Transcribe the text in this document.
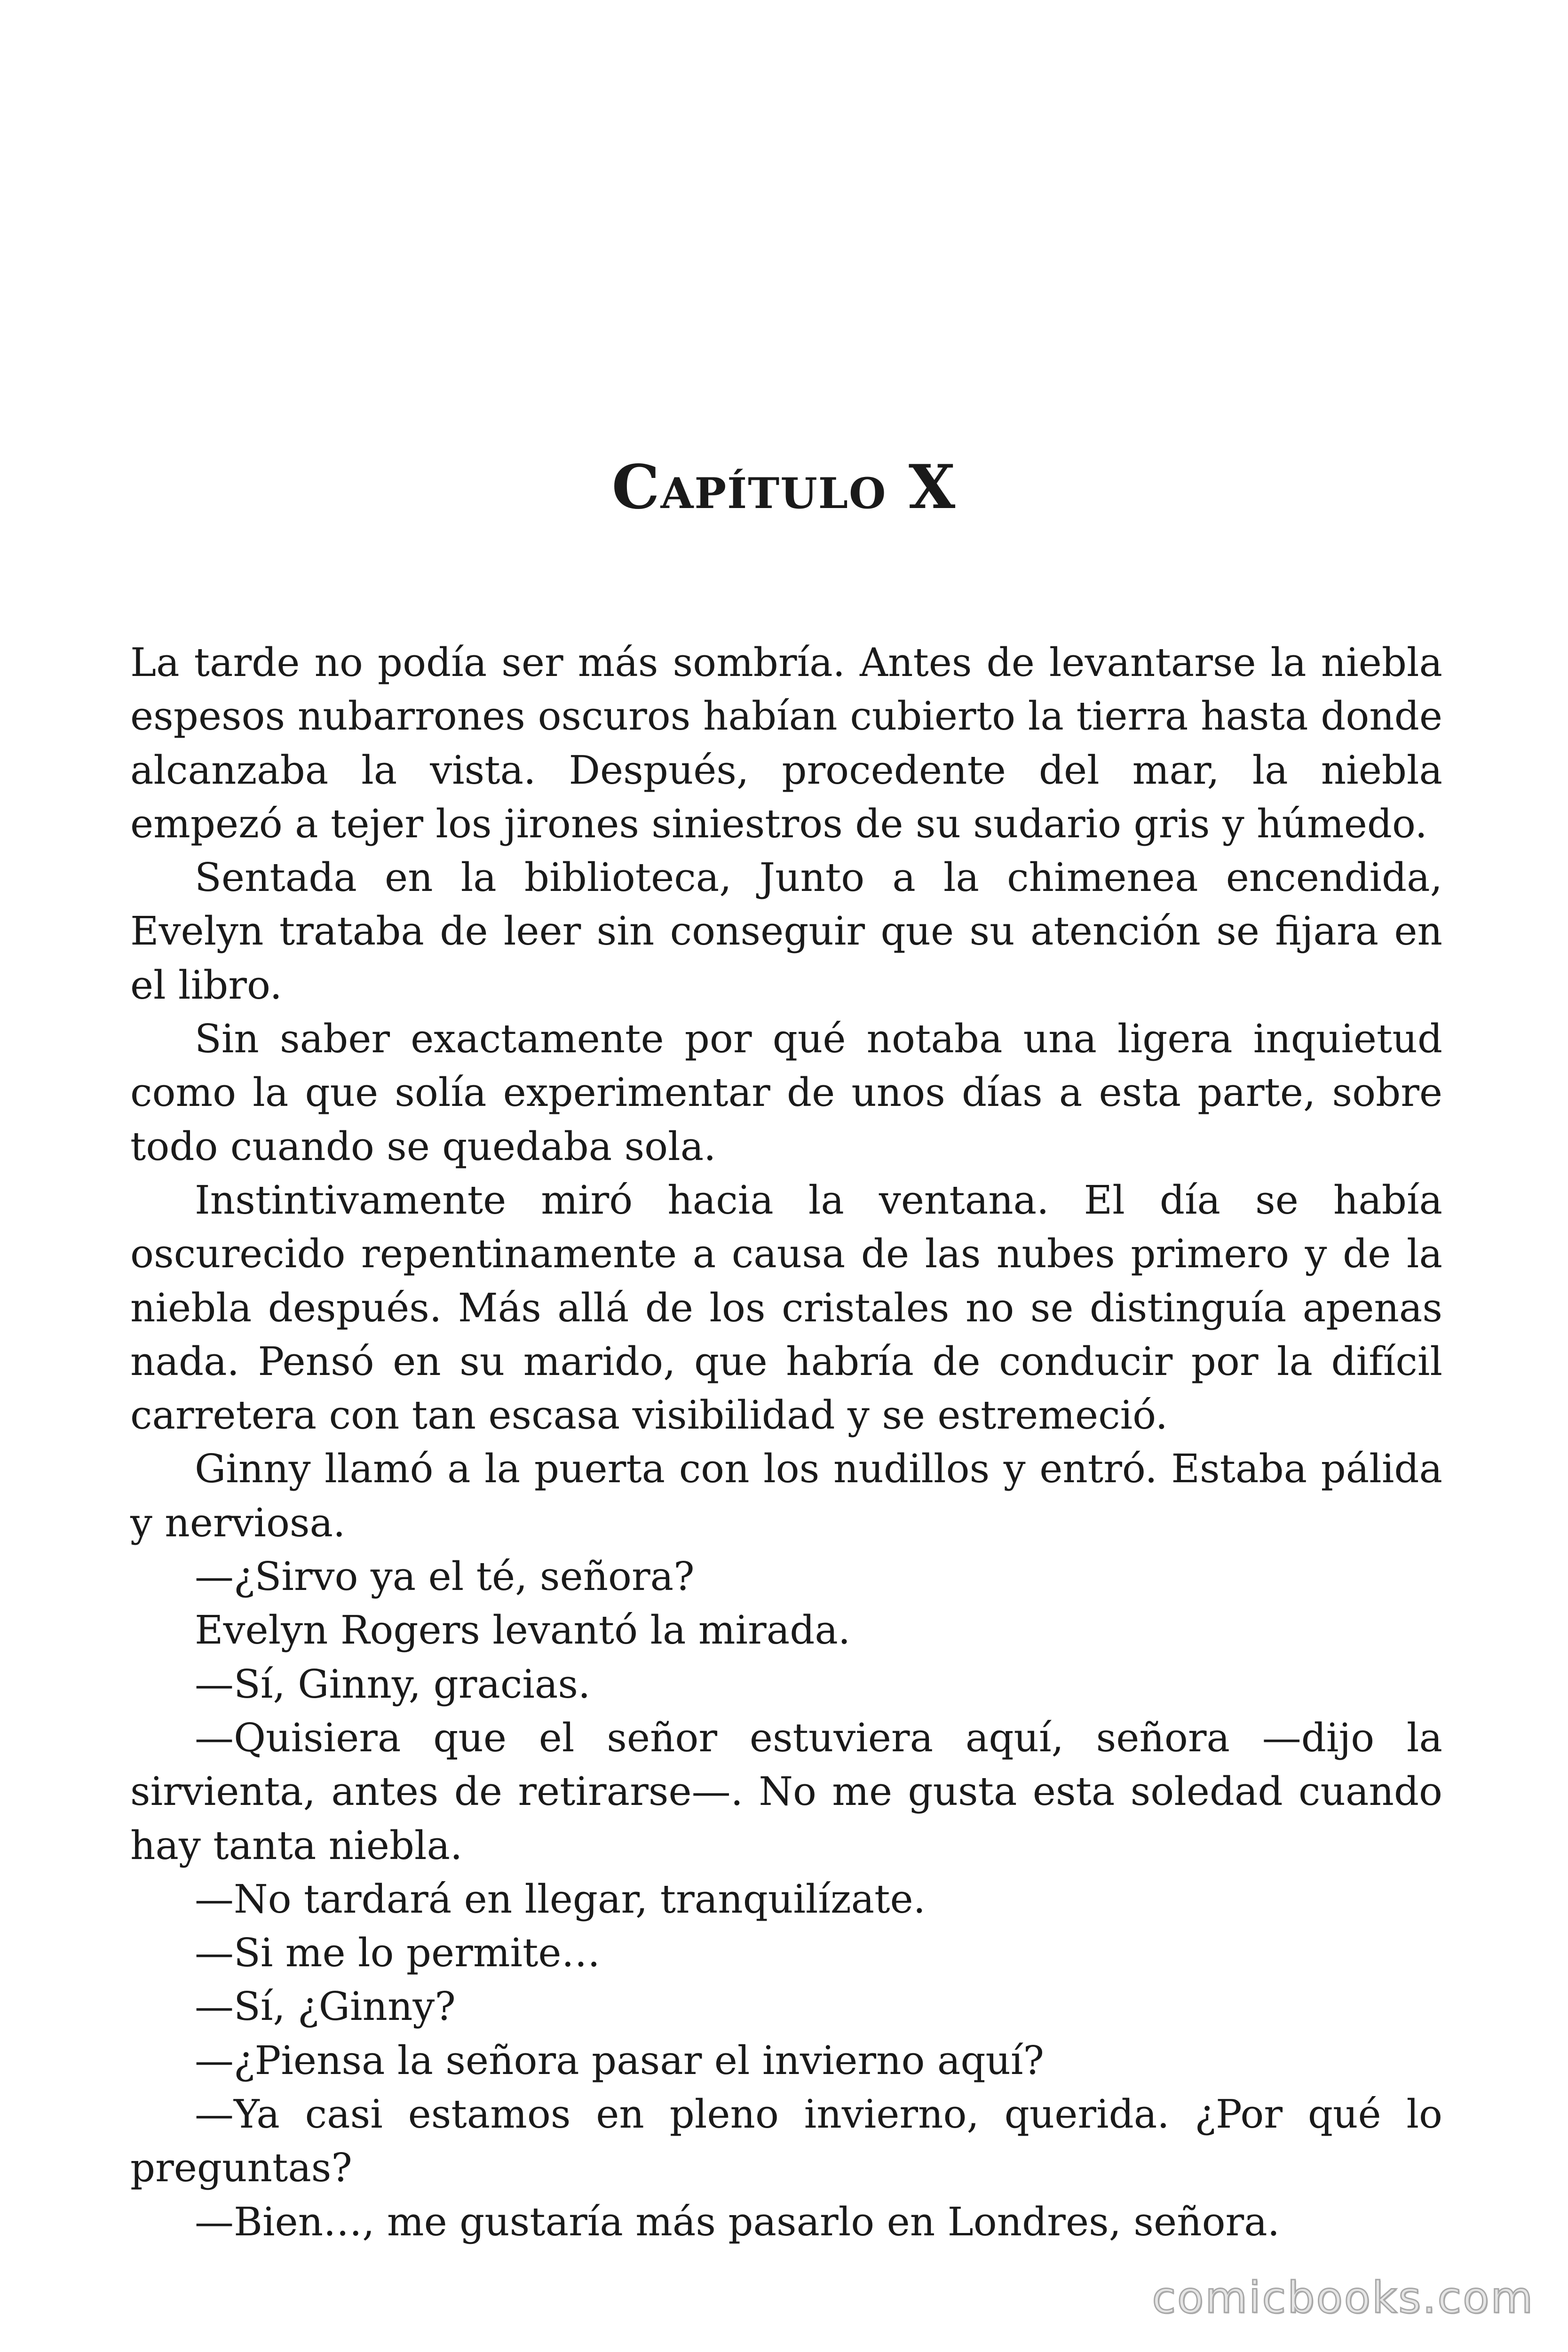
Capítulo X

La tarde no podía ser más sombría. Antes de levantarse la niebla espesos nubarrones oscuros habían cubierto la tierra hasta donde alcanzaba la vista. Después, procedente del mar, la niebla empezó a tejer los jirones siniestros de su sudario gris y húmedo.

Sentada en la biblioteca, Junto a la chimenea encendida, Evelyn trataba de leer sin conseguir que su atención se fijara en el libro.

Sin saber exactamente por qué notaba una ligera inquietud como la que solía experimentar de unos días a esta parte, sobre todo cuando se quedaba sola.

Instintivamente miró hacia la ventana. El día se había oscurecido repentinamente a causa de las nubes primero y de la niebla después. Más allá de los cristales no se distinguía apenas nada. Pensó en su marido, que habría de conducir por la difícil carretera con tan escasa visibilidad y se estremeció.

Ginny llamó a la puerta con los nudillos y entró. Estaba pálida y nerviosa.

—¿Sirvo ya el té, señora?

Evelyn Rogers levantó la mirada.

—Sí, Ginny, gracias.

—Quisiera que el señor estuviera aquí, señora —dijo la sirvienta, antes de retirarse—. No me gusta esta soledad cuando hay tanta niebla.

—No tardará en llegar, tranquilízate.

—Si me lo permite…

—Sí, ¿Ginny?

—¿Piensa la señora pasar el invierno aquí?

—Ya casi estamos en pleno invierno, querida. ¿Por qué lo preguntas?

—Bien…, me gustaría más pasarlo en Londres, señora.

comicbooks.com
